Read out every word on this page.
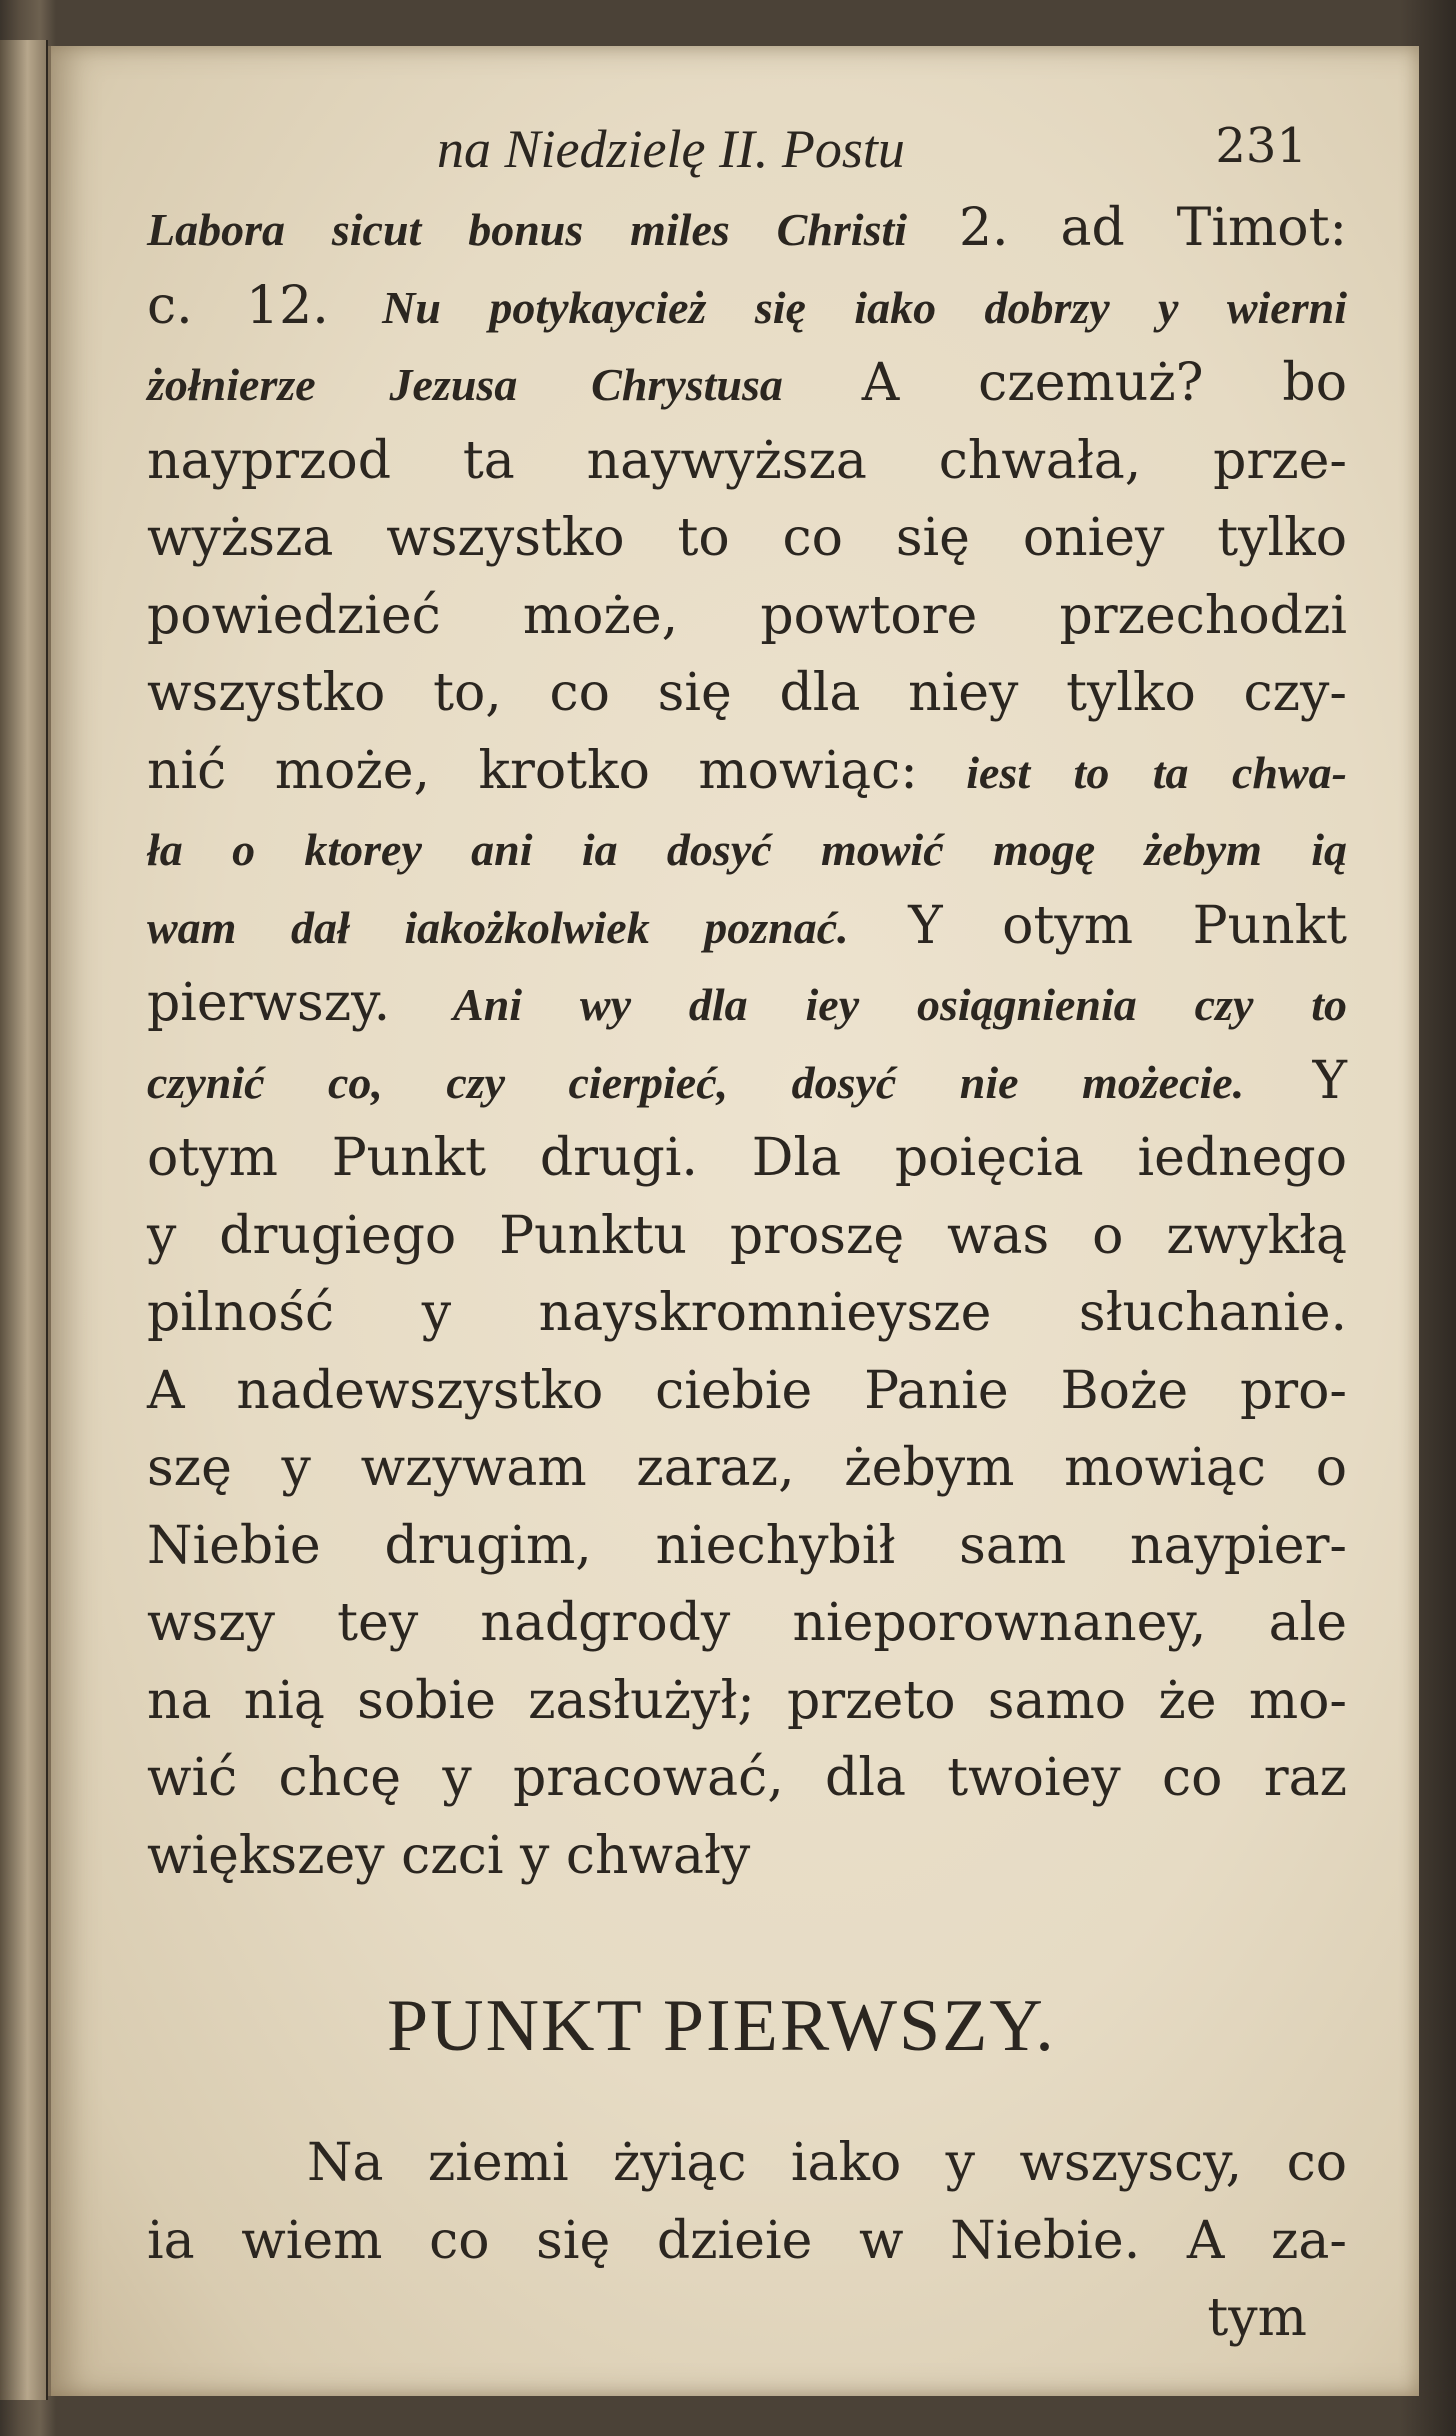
na Niedzielę II. Postu	231
Labora sicut bonus miles Christi 2. ad Timot:
c. 12. Nu potykaycież się iako dobrzy y wierni
żołnierze Jezusa Chrystusa A czemuż? bo
nayprzod ta naywyższa chwała, prze-
wyższa wszystko to co się oniey tylko
powiedzieć może, powtore przechodzi
wszystko to, co się dla niey tylko czy-
nić może, krotko mowiąc: iest to ta chwa-
ła o ktorey ani ia dosyć mowić mogę żebym ią
wam dał iakożkolwiek poznać. Y otym Punkt
pierwszy. Ani wy dla iey osiągnienia czy to
czynić co, czy cierpieć, dosyć nie możecie. Y
otym Punkt drugi. Dla poięcia iednego
y drugiego Punktu proszę was o zwykłą
pilność y nayskromnieysze słuchanie.
A nadewszystko ciebie Panie Boże pro-
szę y wzywam zaraz, żebym mowiąc o
Niebie drugim, niechybił sam naypier-
wszy tey nadgrody nieporownaney, ale
na nią sobie zasłużył; przeto samo że mo-
wić chcę y pracować, dla twoiey co raz
większey czci y chwały
PUNKT PIERWSZY.
Na ziemi żyiąc iako y wszyscy, co
ia wiem co się dzieie w Niebie. A za-
tym
